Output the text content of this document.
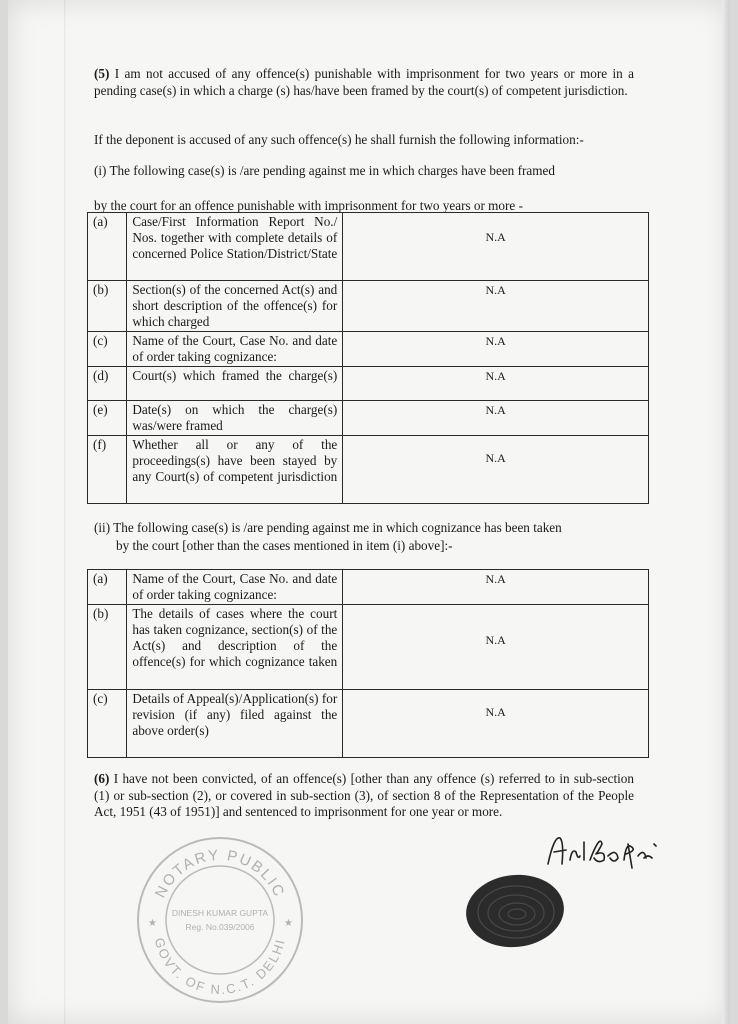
(5) I am not accused of any offence(s) punishable with imprisonment for two years or more in a pending case(s) in which a charge (s) has/have been framed by the court(s) of competent jurisdiction.
If the deponent is accused of any such offence(s) he shall furnish the following information:-
(i) The following case(s) is /are pending against me in which charges have been framed
by the court for an offence punishable with imprisonment for two years or more -
(a)	Case/First Information Report No./ Nos. together with complete details of concerned Police Station/District/State	N.A
(b)	Section(s) of the concerned Act(s) and short description of the offence(s) for which charged	N.A
(c)	Name of the Court, Case No. and date of order taking cognizance:	N.A
(d)	Court(s) which framed the charge(s)	N.A
(e)	Date(s) on which the charge(s) was/were framed	N.A
(f)	Whether all or any of the proceedings(s) have been stayed by any Court(s) of competent jurisdiction	N.A
(ii) The following case(s) is /are pending against me in which cognizance has been taken
by the court [other than the cases mentioned in item (i) above]:-
(a)	Name of the Court, Case No. and date of order taking cognizance:	N.A
(b)	The details of cases where the court has taken cognizance, section(s) of the Act(s) and description of the offence(s) for which cognizance taken	N.A
(c)	Details of Appeal(s)/Application(s) for revision (if any) filed against the above order(s)	N.A
(6) I have not been convicted, of an offence(s) [other than any offence (s) referred to in sub-section (1) or sub-section (2), or covered in sub-section (3), of section 8 of the Representation of the People Act, 1951 (43 of 1951)] and sentenced to imprisonment for one year or more.
NOTARY PUBLIC
GOVT. OF N.C.T. DELHI
DINESH KUMAR GUPTA
Reg. No.039/2006
★	★
